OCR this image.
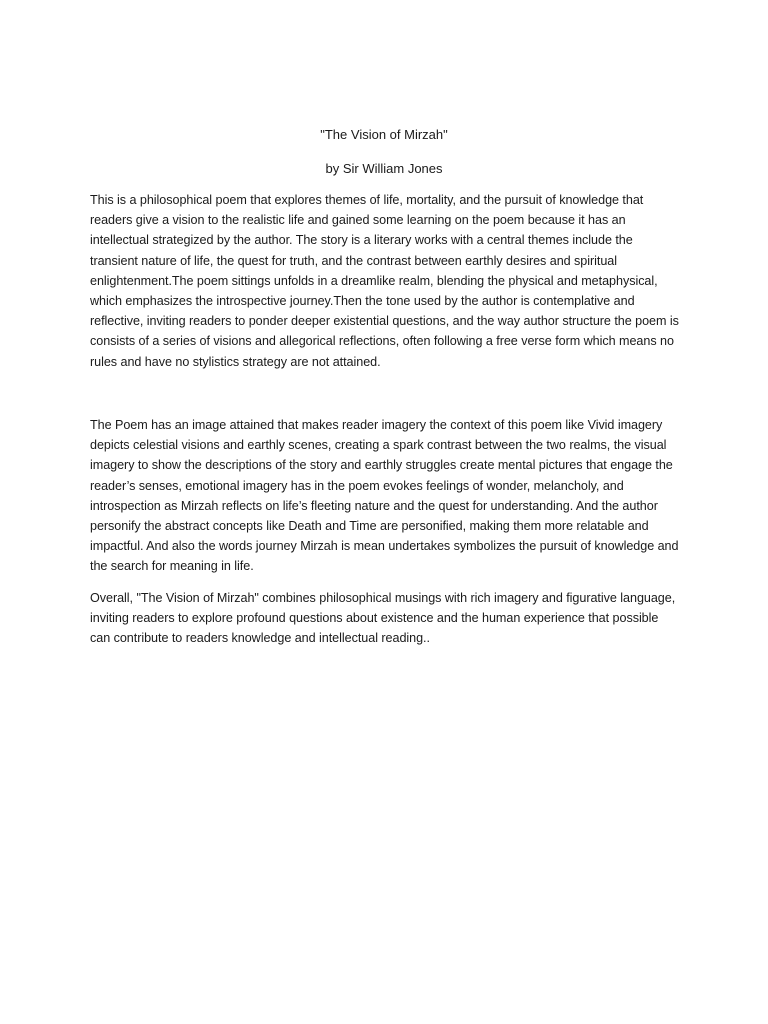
"The Vision of Mirzah"
by Sir William Jones

This is a philosophical poem that explores themes of life, mortality, and the pursuit of knowledge that readers give a vision to the realistic life and gained some learning on the poem because it has an intellectual strategized by the author. The story is a literary works with a central themes include the transient nature of life, the quest for truth, and the contrast between earthly desires and spiritual enlightenment.The poem sittings unfolds in a dreamlike realm, blending the physical and metaphysical, which emphasizes the introspective journey.Then the tone used by the author is contemplative and reflective, inviting readers to ponder deeper existential questions, and the way author structure the poem is consists of a series of visions and allegorical reflections, often following a free verse form which means no rules and have no stylistics strategy are not attained.

The Poem has an image attained that makes reader imagery the context of this poem like Vivid imagery depicts celestial visions and earthly scenes, creating a spark contrast between the two realms, the visual imagery to show the descriptions of the story and earthly struggles create mental pictures that engage the reader’s senses, emotional imagery has in the poem evokes feelings of wonder, melancholy, and introspection as Mirzah reflects on life’s fleeting nature and the quest for understanding. And the author personify the abstract concepts like Death and Time are personified, making them more relatable and impactful. And also the words journey Mirzah is mean undertakes symbolizes the pursuit of knowledge and the search for meaning in life.

Overall, "The Vision of Mirzah" combines philosophical musings with rich imagery and figurative language, inviting readers to explore profound questions about existence and the human experience that possible can contribute to readers knowledge and intellectual reading..
